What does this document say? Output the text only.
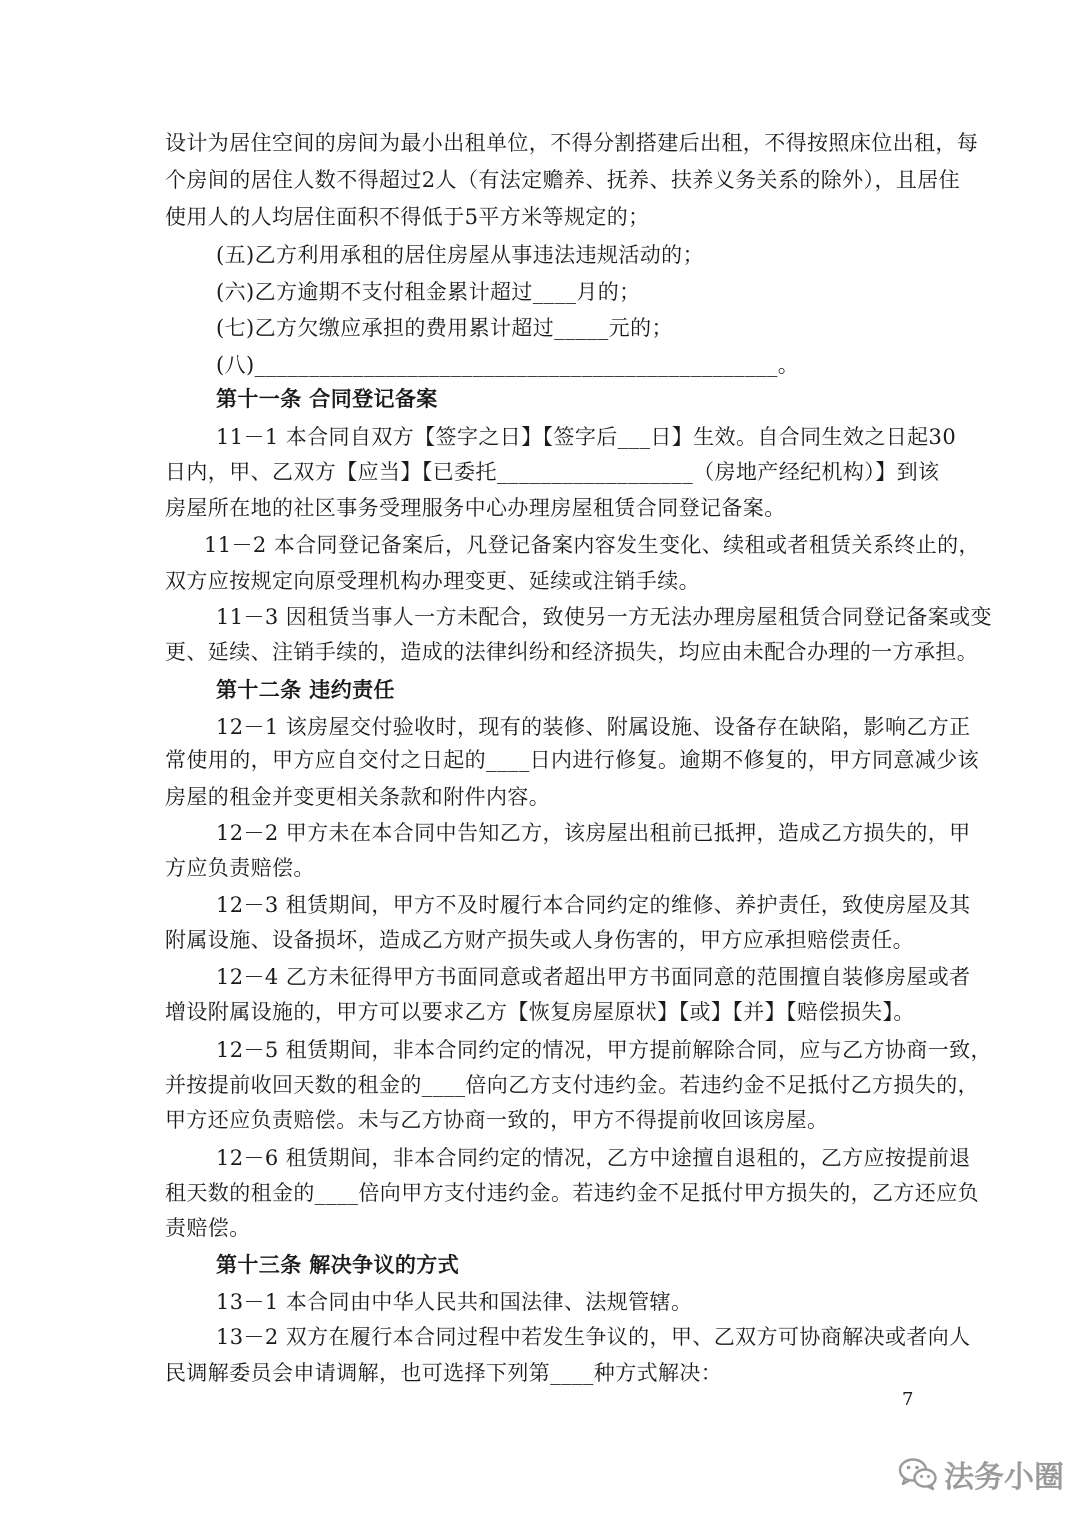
设计为居住空间的房间为最小出租单位，不得分割搭建后出租，不得按照床位出租，每
个房间的居住人数不得超过2人（有法定赡养、抚养、扶养义务关系的除外），且居住
使用人的人均居住面积不得低于5平方米等规定的；
(五)乙方利用承租的居住房屋从事违法违规活动的；
(六)乙方逾期不支付租金累计超过____月的；
(七)乙方欠缴应承担的费用累计超过_____元的；
(八)________________________________________________。
第十一条 合同登记备案
11－1 本合同自双方【签字之日】【签字后___日】生效。自合同生效之日起30
日内，甲、乙双方【应当】【已委托__________________（房地产经纪机构）】到该
房屋所在地的社区事务受理服务中心办理房屋租赁合同登记备案。
11－2 本合同登记备案后，凡登记备案内容发生变化、续租或者租赁关系终止的，
双方应按规定向原受理机构办理变更、延续或注销手续。
11－3 因租赁当事人一方未配合，致使另一方无法办理房屋租赁合同登记备案或变
更、延续、注销手续的，造成的法律纠纷和经济损失，均应由未配合办理的一方承担。
第十二条 违约责任
12－1 该房屋交付验收时，现有的装修、附属设施、设备存在缺陷，影响乙方正
常使用的，甲方应自交付之日起的____日内进行修复。逾期不修复的，甲方同意减少该
房屋的租金并变更相关条款和附件内容。
12－2 甲方未在本合同中告知乙方，该房屋出租前已抵押，造成乙方损失的，甲
方应负责赔偿。
12－3 租赁期间，甲方不及时履行本合同约定的维修、养护责任，致使房屋及其
附属设施、设备损坏，造成乙方财产损失或人身伤害的，甲方应承担赔偿责任。
12－4 乙方未征得甲方书面同意或者超出甲方书面同意的范围擅自装修房屋或者
增设附属设施的，甲方可以要求乙方【恢复房屋原状】【或】【并】【赔偿损失】。
12－5 租赁期间，非本合同约定的情况，甲方提前解除合同，应与乙方协商一致，
并按提前收回天数的租金的____倍向乙方支付违约金。若违约金不足抵付乙方损失的，
甲方还应负责赔偿。未与乙方协商一致的，甲方不得提前收回该房屋。
12－6 租赁期间，非本合同约定的情况，乙方中途擅自退租的，乙方应按提前退
租天数的租金的____倍向甲方支付违约金。若违约金不足抵付甲方损失的，乙方还应负
责赔偿。
第十三条 解决争议的方式
13－1 本合同由中华人民共和国法律、法规管辖。
13－2 双方在履行本合同过程中若发生争议的，甲、乙双方可协商解决或者向人
民调解委员会申请调解，也可选择下列第____种方式解决：
7
法务小圈
